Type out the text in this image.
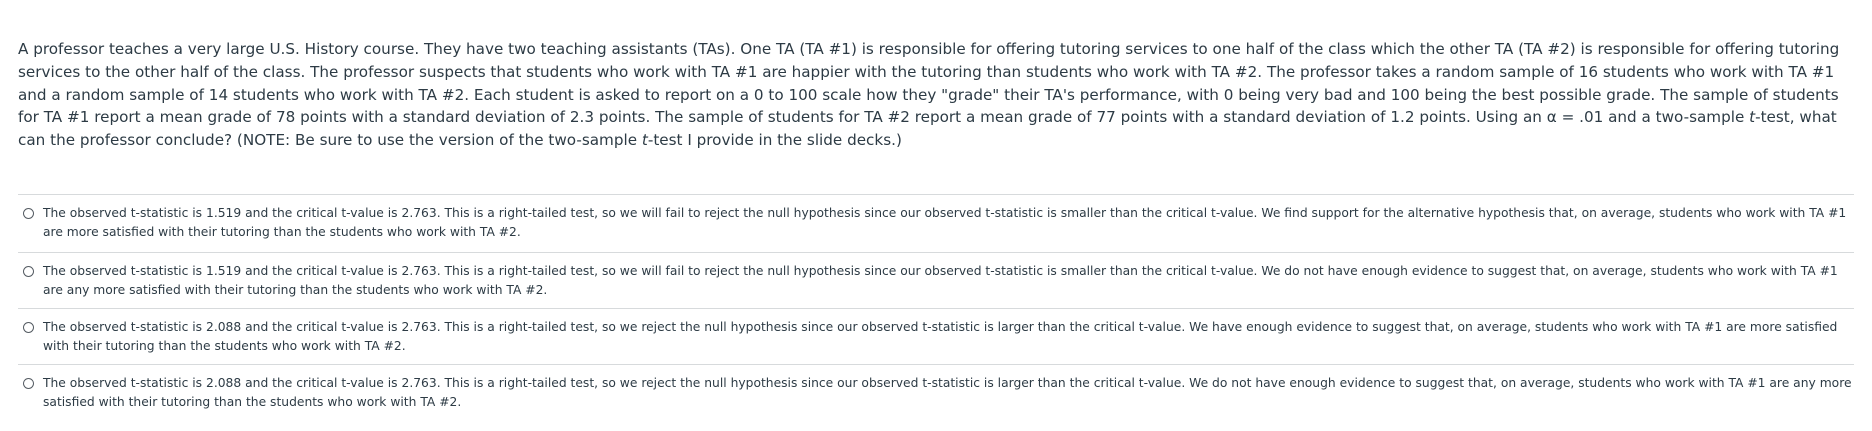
A professor teaches a very large U.S. History course. They have two teaching assistants (TAs). One TA (TA #1) is responsible for offering tutoring services to one half of the class which the other TA (TA #2) is responsible for offering tutoring services to the other half of the class. The professor suspects that students who work with TA #1 are happier with the tutoring than students who work with TA #2. The professor takes a random sample of 16 students who work with TA #1 and a random sample of 14 students who work with TA #2. Each student is asked to report on a 0 to 100 scale how they "grade" their TA's performance, with 0 being very bad and 100 being the best possible grade. The sample of students for TA #1 report a mean grade of 78 points with a standard deviation of 2.3 points. The sample of students for TA #2 report a mean grade of 77 points with a standard deviation of 1.2 points. Using an α = .01 and a two-sample t-test, what can the professor conclude? (NOTE: Be sure to use the version of the two-sample t-test I provide in the slide decks.)
The observed t-statistic is 1.519 and the critical t-value is 2.763. This is a right-tailed test, so we will fail to reject the null hypothesis since our observed t-statistic is smaller than the critical t-value. We find support for the alternative hypothesis that, on average, students who work with TA #1 are more satisfied with their tutoring than the students who work with TA #2.
The observed t-statistic is 1.519 and the critical t-value is 2.763. This is a right-tailed test, so we will fail to reject the null hypothesis since our observed t-statistic is smaller than the critical t-value. We do not have enough evidence to suggest that, on average, students who work with TA #1 are any more satisfied with their tutoring than the students who work with TA #2.
The observed t-statistic is 2.088 and the critical t-value is 2.763. This is a right-tailed test, so we reject the null hypothesis since our observed t-statistic is larger than the critical t-value. We have enough evidence to suggest that, on average, students who work with TA #1 are more satisfied with their tutoring than the students who work with TA #2.
The observed t-statistic is 2.088 and the critical t-value is 2.763. This is a right-tailed test, so we reject the null hypothesis since our observed t-statistic is larger than the critical t-value. We do not have enough evidence to suggest that, on average, students who work with TA #1 are any more satisfied with their tutoring than the students who work with TA #2.
